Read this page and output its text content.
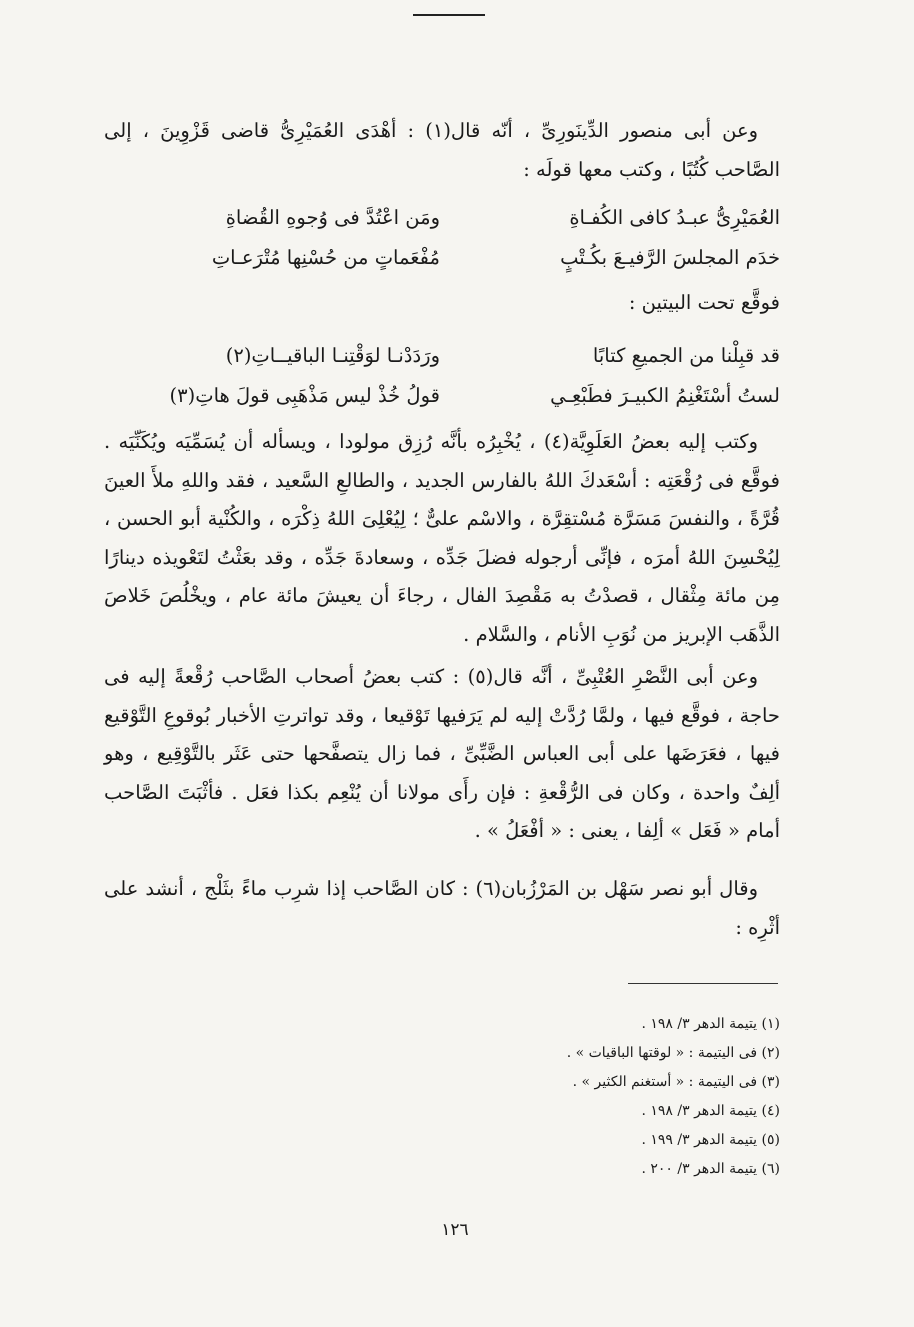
وعن أبى منصور الدِّينَورِىِّ ، أنّه قال(١) : أهْدَى العُمَيْرِىُّ قاضى قَزْوِينَ ، إلى الصَّاحب كُتُبًا ، وكتب معها قولَه :

العُمَيْرِىُّ عبـدُ كافى الكُفـاةِ
ومَن اعْتُدَّ فى وُجوهِ القُضاةِ
خدَم المجلسَ الرَّفيـعَ بكُـتْبٍ
مُفْعَماتٍ من حُسْنِها مُتْرَعـاتِ

فوقَّع تحت البيتين :

قد قبِلْنا من الجميعِ كتابًا
ورَدَدْنـا لوَقْتِنـا الباقيــاتِ(٢)
لستُ أسْتَغْنِمُ الكبيـرَ فطَبْعِـي
قولُ خُذْ ليس مَذْهَبِى قولَ هاتِ(٣)

وكتب إليه بعضُ العَلَوِيَّة(٤) ، يُخْبِرُه بأنَّه رُزِق مولودا ، ويسأله أن يُسَمِّيَه ويُكَنِّيَه . فوقَّع فى رُقْعَتِه : أسْعَدكَ اللهُ بالفارس الجديد ، والطالعِ السَّعيد ، فقد واللهِ ملأَ العينَ قُرَّةً ، والنفسَ مَسَرَّة مُسْتقِرَّة ، والاسْم علىٌّ ؛ لِيُعْلِىَ اللهُ ذِكْرَه ، والكُنْية أبو الحسن ، لِيُحْسِنَ اللهُ أمرَه ، فإنِّى أرجوله فضلَ جَدِّه ، وسعادةَ جَدِّه ، وقد بعَثْتُ لتَعْويذه دينارًا مِن مائة مِثْقال ، قصدْتُ به مَقْصِدَ الفال ، رجاءَ أن يعيشَ مائة عام ، ويخْلُصَ خَلاصَ الذَّهَب الإبريز من نُوَبِ الأنام ، والسَّلام .

وعن أبى النَّصْرِ العُتْبِىِّ ، أنَّه قال(٥) : كتب بعضُ أصحاب الصَّاحب رُقْعةً إليه فى حاجة ، فوقَّع فيها ، ولمَّا رُدَّتْ إليه لم يَرَفيها تَوْقيعا ، وقد تواترتِ الأخبار بُوقوعِ التَّوْقيع فيها ، فعَرَضَها على أبى العباس الضَّبِّىِّ ، فما زال يتصفَّحها حتى عَثَر بالتَّوْقِيع ، وهو ألِفٌ واحدة ، وكان فى الرُّقْعةِ : فإن رأَى مولانا أن يُنْعِم بكذا فعَل . فأثْبَتَ الصَّاحب أمام « فَعَل » ألِفا ، يعنى : « أفْعَلُ » .

وقال أبو نصر سَهْل بن المَرْزُبان(٦) : كان الصَّاحب إذا شرِب ماءً بثَلْج ، أنشد على أثْرِه :

(١) يتيمة الدهر ٣/ ١٩٨ .
(٢) فى اليتيمة : « لوقتها الباقيات » .
(٣) فى اليتيمة : « أستغنم الكثير » .
(٤) يتيمة الدهر ٣/ ١٩٨ .
(٥) يتيمة الدهر ٣/ ١٩٩ .
(٦) يتيمة الدهر ٣/ ٢٠٠ .
١٢٦
